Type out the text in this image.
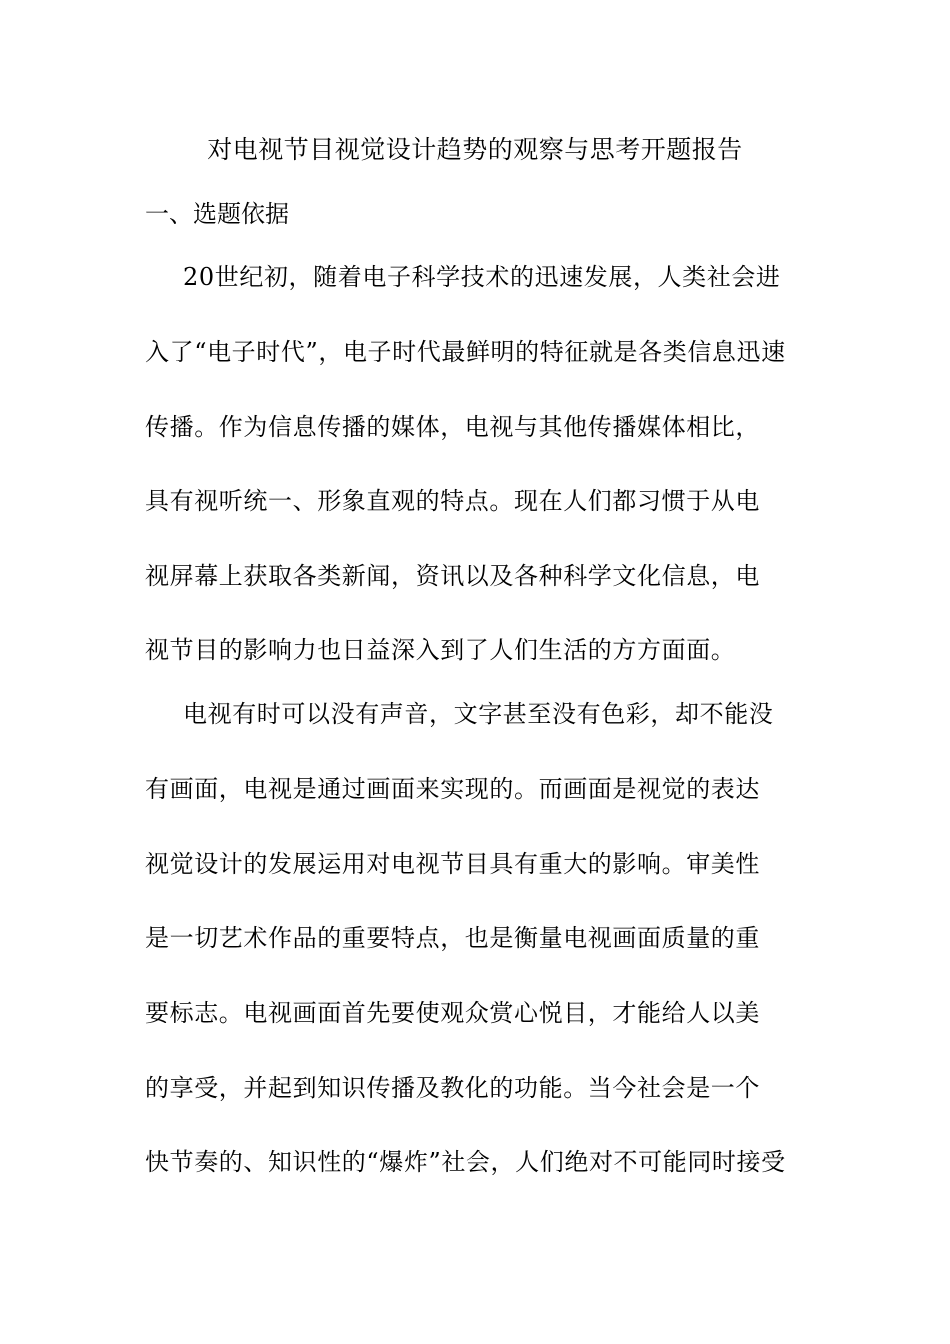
对电视节目视觉设计趋势的观察与思考开题报告
一、选题依据
20世纪初，随着电子科学技术的迅速发展，人类社会进
入了“电子时代”，电子时代最鲜明的特征就是各类信息迅速
传播。作为信息传播的媒体，电视与其他传播媒体相比，
具有视听统一、形象直观的特点。现在人们都习惯于从电
视屏幕上获取各类新闻，资讯以及各种科学文化信息，电
视节目的影响力也日益深入到了人们生活的方方面面。
电视有时可以没有声音，文字甚至没有色彩，却不能没
有画面，电视是通过画面来实现的。而画面是视觉的表达
视觉设计的发展运用对电视节目具有重大的影响。审美性
是一切艺术作品的重要特点，也是衡量电视画面质量的重
要标志。电视画面首先要使观众赏心悦目，才能给人以美
的享受，并起到知识传播及教化的功能。当今社会是一个
快节奏的、知识性的“爆炸”社会，人们绝对不可能同时接受
